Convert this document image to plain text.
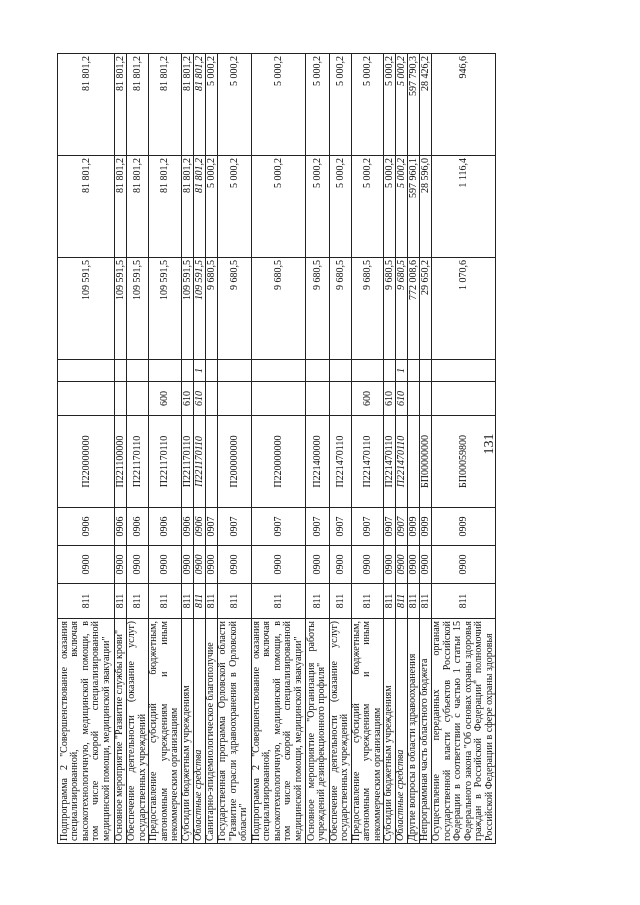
131
Подпрограмма 2 "Совершенствование оказания специализированной, включая высокотехнологичную, медицинской помощи, в том числе скорой специализированной медицинской помощи, медицинской эвакуации"	811	0900	0906	П220000000			109 591,5	81 801,2	81 801,2
Основное мероприятие "Развитие службы крови"	811	0900	0906	П221100000			109 591,5	81 801,2	81 801,2
Обеспечение деятельности (оказание услуг) государственных учреждений	811	0900	0906	П221170110			109 591,5	81 801,2	81 801,2
Предоставление субсидий бюджетным, автономным учреждениям и иным некоммерческим организациям	811	0900	0906	П221170110	600		109 591,5	81 801,2	81 801,2
Субсидии бюджетным учреждениям	811	0900	0906	П221170110	610		109 591,5	81 801,2	81 801,2
Областные средства	811	0900	0906	П221170110	610	1	109 591,5	81 801,2	81 801,2
Санитарно-эпидемиологическое благополучие	811	0900	0907				9 680,5	5 000,2	5 000,2
Государственная программа Орловской области "Развитие отрасли здравоохранения в Орловской области"	811	0900	0907	П200000000			9 680,5	5 000,2	5 000,2
Подпрограмма 2 "Совершенствование оказания специализированной, включая высокотехнологичную, медицинской помощи, в том числе скорой специализированной медицинской помощи, медицинской эвакуации"	811	0900	0907	П220000000			9 680,5	5 000,2	5 000,2
Основное мероприятие "Организация работы учреждений дезинфекционного профиля"	811	0900	0907	П221400000			9 680,5	5 000,2	5 000,2
Обеспечение деятельности (оказание услуг) государственных учреждений	811	0900	0907	П221470110			9 680,5	5 000,2	5 000,2
Предоставление субсидий бюджетным, автономным учреждениям и иным некоммерческим организациям	811	0900	0907	П221470110	600		9 680,5	5 000,2	5 000,2
Субсидии бюджетным учреждениям	811	0900	0907	П221470110	610		9 680,5	5 000,2	5 000,2
Областные средства	811	0900	0907	П221470110	610	1	9 680,5	5 000,2	5 000,2
Другие вопросы в области здравоохранения	811	0900	0909				772 008,6	597 960,1	597 790,3
Непрограммная часть областного бюджета	811	0900	0909	БП00000000			29 650,2	28 596,0	28 426,2
Осуществление переданных органам государственной власти субъектов Российской Федерации в соответствии с частью 1 статьи 15 Федерального закона "Об основах охраны здоровья граждан в Российской Федерации" полномочий Российской Федерации в сфере охраны здоровья	811	0900	0909	БП00059800			1 070,6	1 116,4	946,6
